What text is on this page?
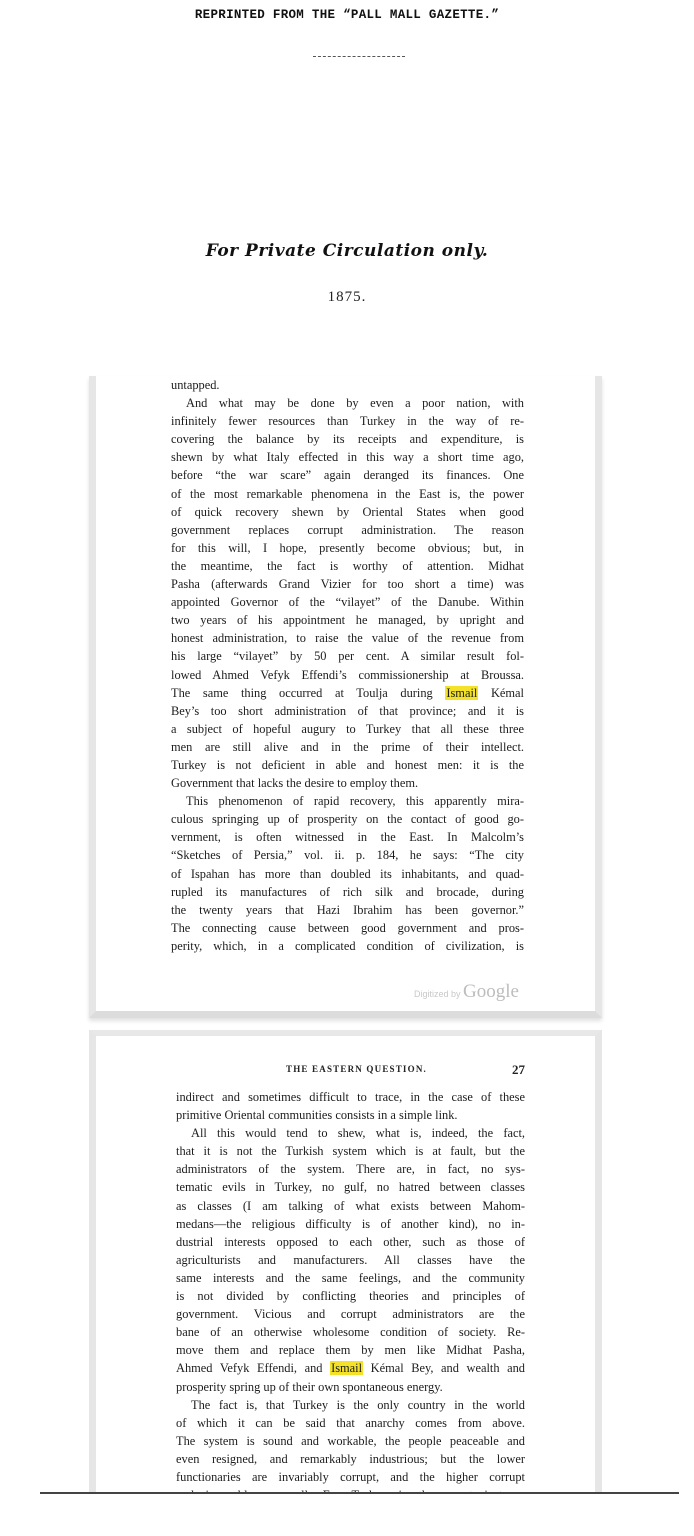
REPRINTED FROM THE “PALL MALL GAZETTE.”
For Private Circulation only.
1875.
untapped.
And what may be done by even a poor nation, with
infinitely fewer resources than Turkey in the way of re-
covering the balance by its receipts and expenditure, is
shewn by what Italy effected in this way a short time ago,
before “the war scare” again deranged its finances. One
of the most remarkable phenomena in the East is, the power
of quick recovery shewn by Oriental States when good
government replaces corrupt administration. The reason
for this will, I hope, presently become obvious; but, in
the meantime, the fact is worthy of attention. Midhat
Pasha (afterwards Grand Vizier for too short a time) was
appointed Governor of the “vilayet” of the Danube. Within
two years of his appointment he managed, by upright and
honest administration, to raise the value of the revenue from
his large “vilayet” by 50 per cent. A similar result fol-
lowed Ahmed Vefyk Effendi’s commissionership at Broussa.
The same thing occurred at Toulja during Ismail Kémal
Bey’s too short administration of that province; and it is
a subject of hopeful augury to Turkey that all these three
men are still alive and in the prime of their intellect.
Turkey is not deficient in able and honest men: it is the
Government that lacks the desire to employ them.
This phenomenon of rapid recovery, this apparently mira-
culous springing up of prosperity on the contact of good go-
vernment, is often witnessed in the East. In Malcolm’s
“Sketches of Persia,” vol. ii. p. 184, he says: “The city
of Ispahan has more than doubled its inhabitants, and quad-
rupled its manufactures of rich silk and brocade, during
the twenty years that Hazi Ibrahim has been governor.”
The connecting cause between good government and pros-
perity, which, in a complicated condition of civilization, is
Digitized by Google
THE EASTERN QUESTION.	27
indirect and sometimes difficult to trace, in the case of these
primitive Oriental communities consists in a simple link.
All this would tend to shew, what is, indeed, the fact,
that it is not the Turkish system which is at fault, but the
administrators of the system. There are, in fact, no sys-
tematic evils in Turkey, no gulf, no hatred between classes
as classes (I am talking of what exists between Mahom-
medans—the religious difficulty is of another kind), no in-
dustrial interests opposed to each other, such as those of
agriculturists and manufacturers. All classes have the
same interests and the same feelings, and the community
is not divided by conflicting theories and principles of
government. Vicious and corrupt administrators are the
bane of an otherwise wholesome condition of society. Re-
move them and replace them by men like Midhat Pasha,
Ahmed Vefyk Effendi, and Ismail Kémal Bey, and wealth and
prosperity spring up of their own spontaneous energy.
The fact is, that Turkey is the only country in the world
of which it can be said that anarchy comes from above.
The system is sound and workable, the people peaceable and
even resigned, and remarkably industrious; but the lower
functionaries are invariably corrupt, and the higher corrupt
